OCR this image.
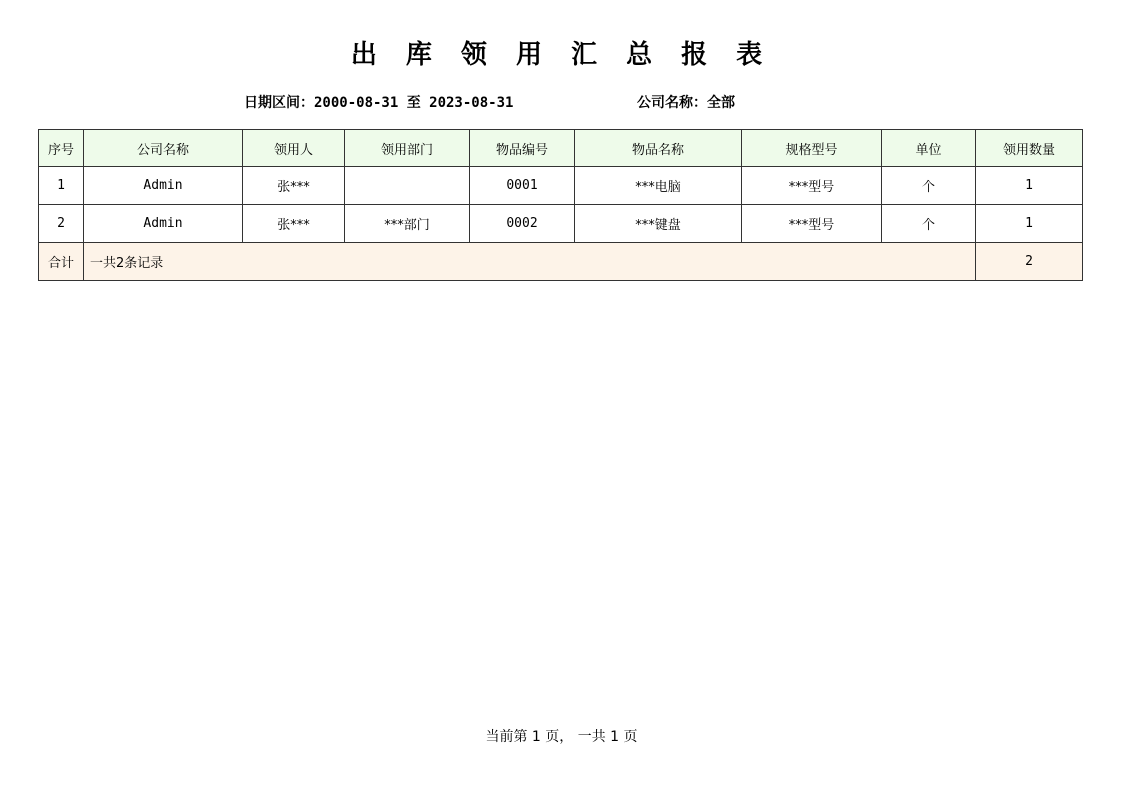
出 库 领 用 汇 总 报 表
日期区间：2000-08-31 至 2023-08-31	公司名称：全部
序号	公司名称	领用人	领用部门	物品编号	物品名称	规格型号	单位	领用数量
1	Admin	张***		0001	***电脑	***型号	个	1
2	Admin	张***	***部门	0002	***键盘	***型号	个	1
合计	一共2条记录							2
当前第 1 页， 一共 1 页
